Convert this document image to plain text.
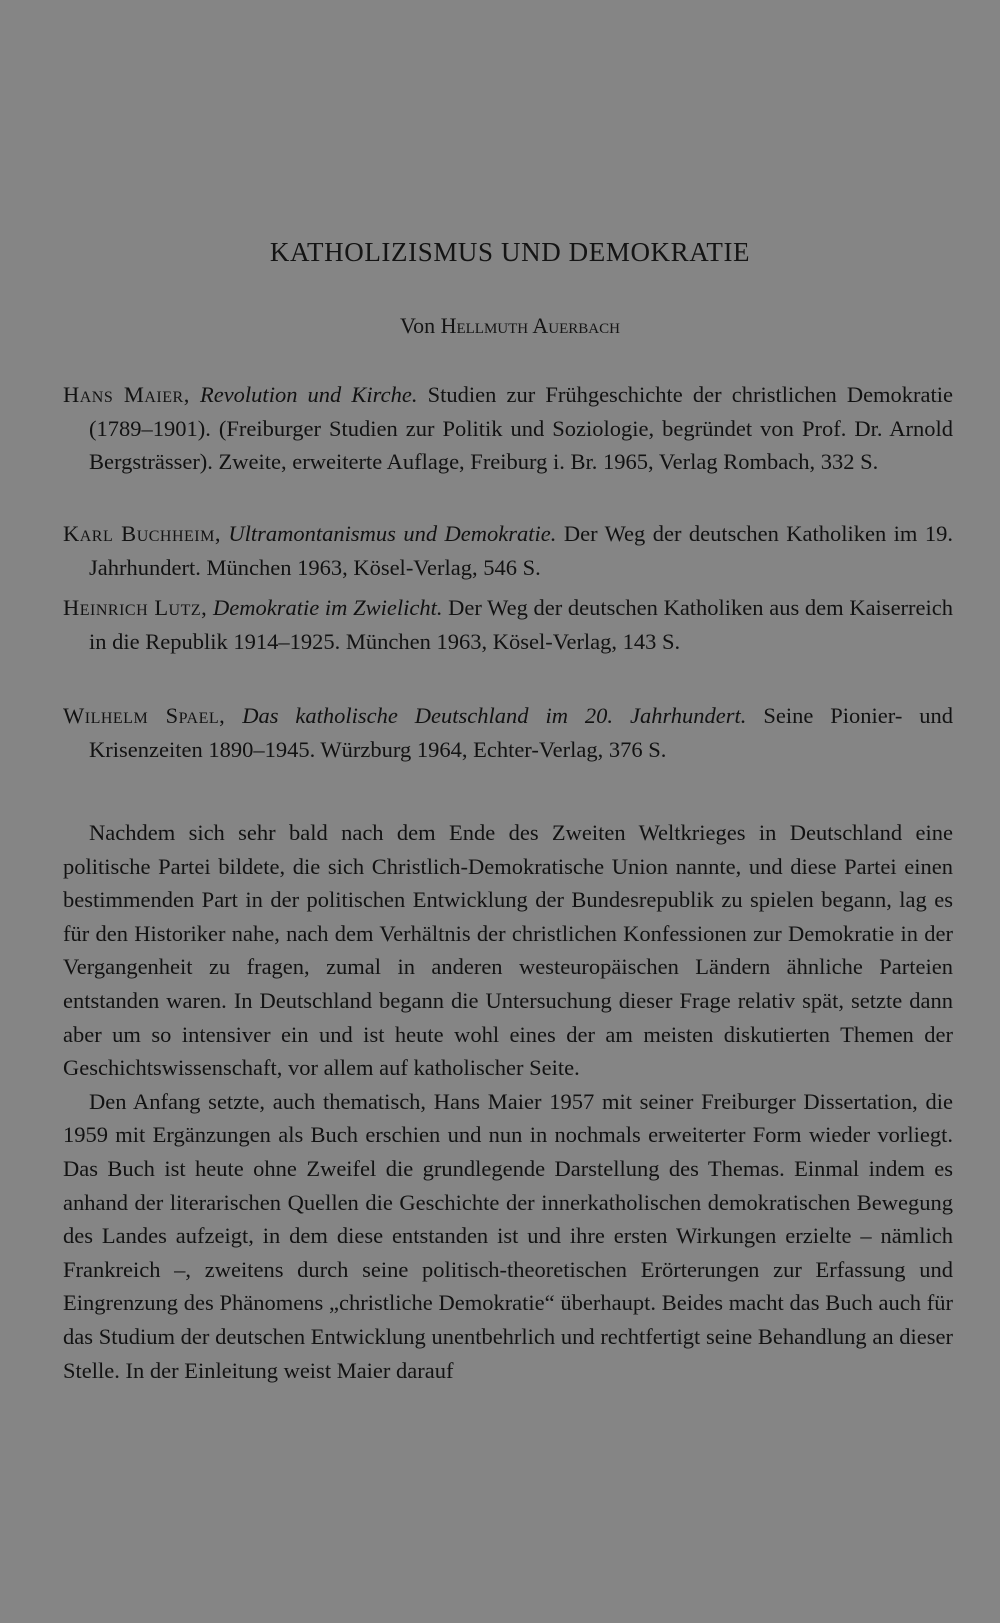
KATHOLIZISMUS UND DEMOKRATIE
Von Hellmuth Auerbach
Hans Maier, Revolution und Kirche. Studien zur Frühgeschichte der christlichen Demokratie (1789–1901). (Freiburger Studien zur Politik und Soziologie, begründet von Prof. Dr. Arnold Bergsträsser). Zweite, erweiterte Auflage, Freiburg i. Br. 1965, Verlag Rombach, 332 S.
Karl Buchheim, Ultramontanismus und Demokratie. Der Weg der deutschen Katholiken im 19. Jahrhundert. München 1963, Kösel-Verlag, 546 S.
Heinrich Lutz, Demokratie im Zwielicht. Der Weg der deutschen Katholiken aus dem Kaiserreich in die Republik 1914–1925. München 1963, Kösel-Verlag, 143 S.
Wilhelm Spael, Das katholische Deutschland im 20. Jahrhundert. Seine Pionier- und Krisenzeiten 1890–1945. Würzburg 1964, Echter-Verlag, 376 S.

Nachdem sich sehr bald nach dem Ende des Zweiten Weltkrieges in Deutschland eine politische Partei bildete, die sich Christlich-Demokratische Union nannte, und diese Partei einen bestimmenden Part in der politischen Entwicklung der Bundesrepublik zu spielen begann, lag es für den Historiker nahe, nach dem Verhältnis der christlichen Konfessionen zur Demokratie in der Vergangenheit zu fragen, zumal in anderen westeuropäischen Ländern ähnliche Parteien entstanden waren. In Deutschland begann die Untersuchung dieser Frage relativ spät, setzte dann aber um so intensiver ein und ist heute wohl eines der am meisten diskutierten Themen der Geschichtswissenschaft, vor allem auf katholischer Seite.

Den Anfang setzte, auch thematisch, Hans Maier 1957 mit seiner Freiburger Dissertation, die 1959 mit Ergänzungen als Buch erschien und nun in nochmals erweiterter Form wieder vorliegt. Das Buch ist heute ohne Zweifel die grundlegende Darstellung des Themas. Einmal indem es anhand der literarischen Quellen die Geschichte der innerkatholischen demokratischen Bewegung des Landes aufzeigt, in dem diese entstanden ist und ihre ersten Wirkungen erzielte – nämlich Frankreich –, zweitens durch seine politisch-theoretischen Erörterungen zur Erfassung und Eingrenzung des Phänomens „christliche Demokratie“ überhaupt. Beides macht das Buch auch für das Studium der deutschen Entwicklung unentbehrlich und rechtfertigt seine Behandlung an dieser Stelle. In der Einleitung weist Maier darauf
